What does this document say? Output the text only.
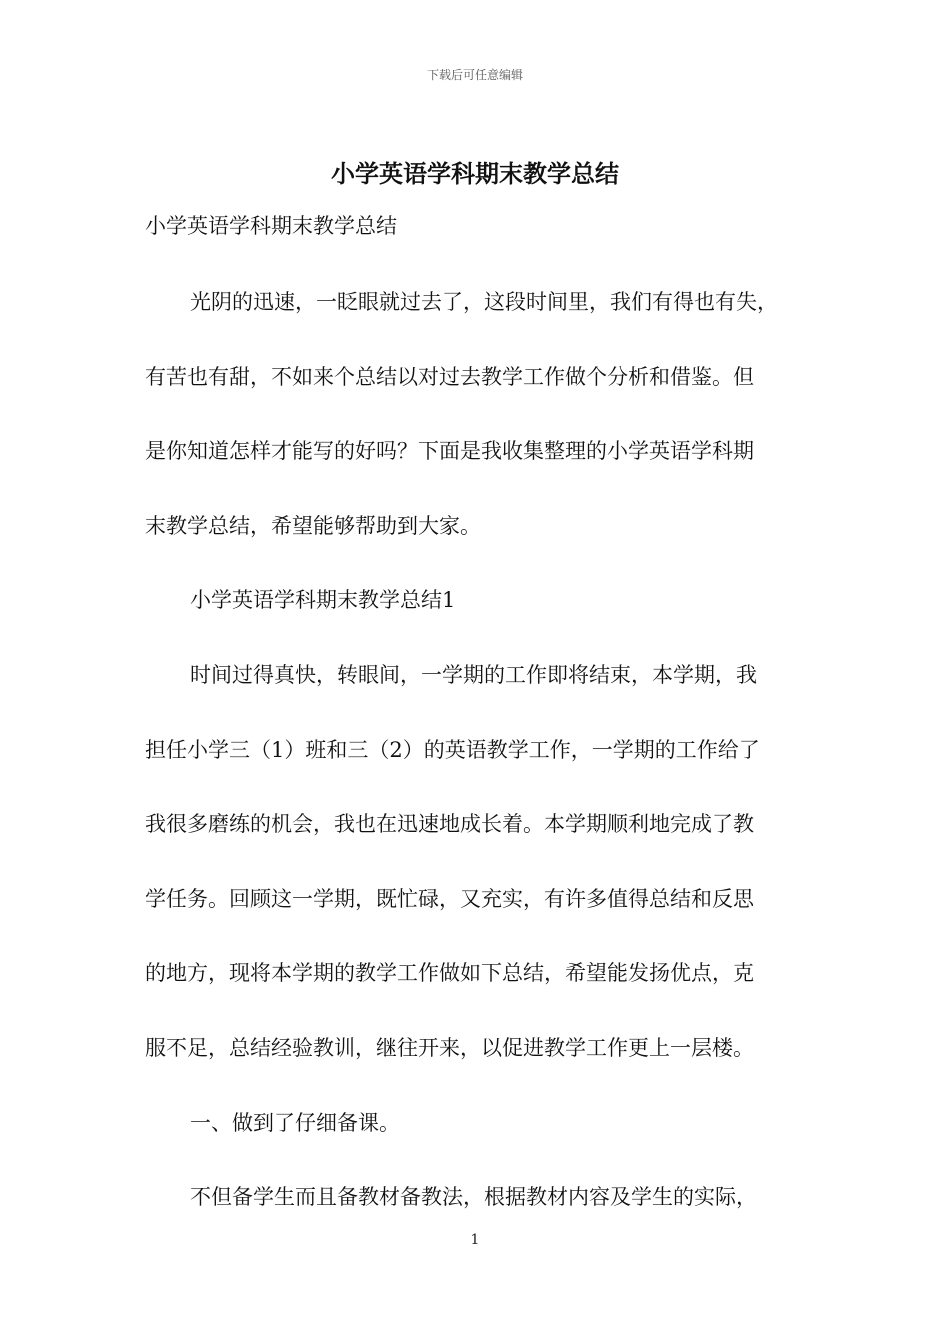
下载后可任意编辑
小学英语学科期末教学总结

小学英语学科期末教学总结

光阴的迅速，一眨眼就过去了，这段时间里，我们有得也有失，

有苦也有甜，不如来个总结以对过去教学工作做个分析和借鉴。但

是你知道怎样才能写的好吗？下面是我收集整理的小学英语学科期

末教学总结，希望能够帮助到大家。

小学英语学科期末教学总结1

时间过得真快，转眼间，一学期的工作即将结束，本学期，我

担任小学三（1）班和三（2）的英语教学工作，一学期的工作给了

我很多磨练的机会，我也在迅速地成长着。本学期顺利地完成了教

学任务。回顾这一学期，既忙碌，又充实，有许多值得总结和反思

的地方，现将本学期的教学工作做如下总结，希望能发扬优点，克

服不足，总结经验教训，继往开来，以促进教学工作更上一层楼。

一、做到了仔细备课。

不但备学生而且备教材备教法，根据教材内容及学生的实际，

1
